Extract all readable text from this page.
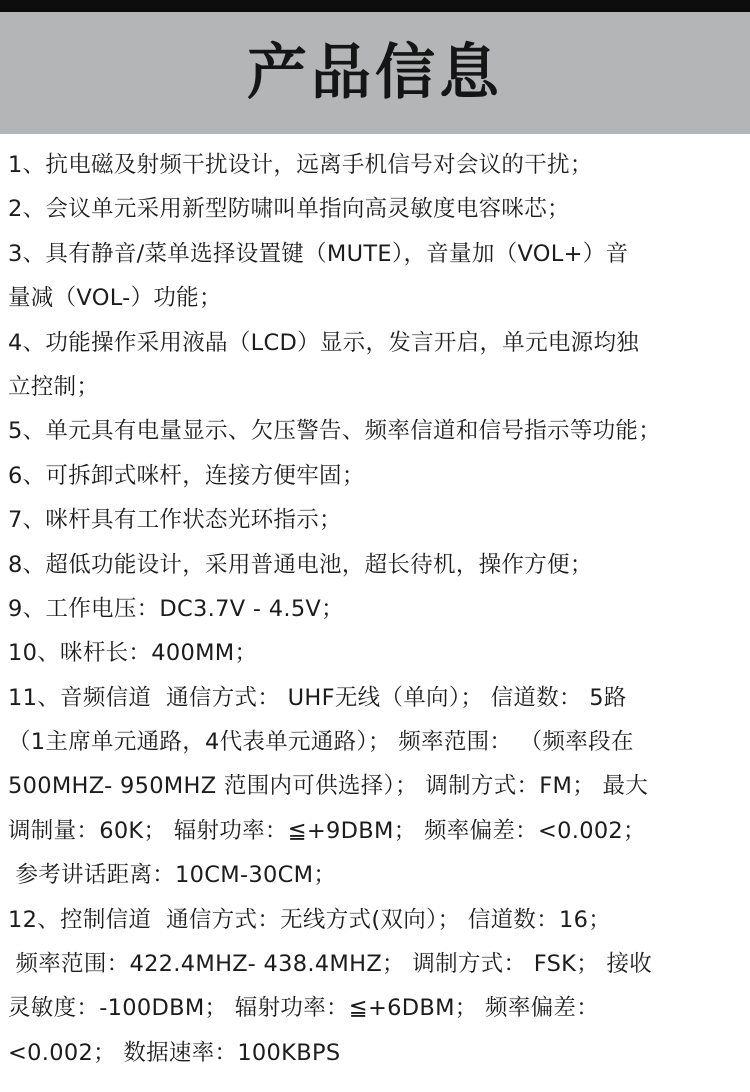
产品信息
1、抗电磁及射频干扰设计，远离手机信号对会议的干扰；
2、会议单元采用新型防啸叫单指向高灵敏度电容咪芯；
3、具有静音/菜单选择设置键（MUTE），音量加（VOL+）音
量减（VOL-）功能；
4、功能操作采用液晶（LCD）显示，发言开启，单元电源均独
立控制；
5、单元具有电量显示、欠压警告、频率信道和信号指示等功能；
6、可拆卸式咪杆，连接方便牢固；
7、咪杆具有工作状态光环指示；
8、超低功能设计，采用普通电池，超长待机，操作方便；
9、工作电压：DC3.7V - 4.5V；
10、咪杆长：400MM；
11、音频信道  通信方式： UHF无线（单向）； 信道数： 5路
（1主席单元通路，4代表单元通路）； 频率范围： （频率段在
500MHZ- 950MHZ 范围内可供选择）； 调制方式：FM； 最大
调制量：60K； 辐射功率：≦+9DBM； 频率偏差：<0.002；
参考讲话距离：10CM-30CM；
12、控制信道  通信方式：无线方式(双向）； 信道数：16；
频率范围：422.4MHZ- 438.4MHZ； 调制方式： FSK； 接收
灵敏度：-100DBM； 辐射功率：≦+6DBM； 频率偏差：
<0.002； 数据速率：100KBPS
